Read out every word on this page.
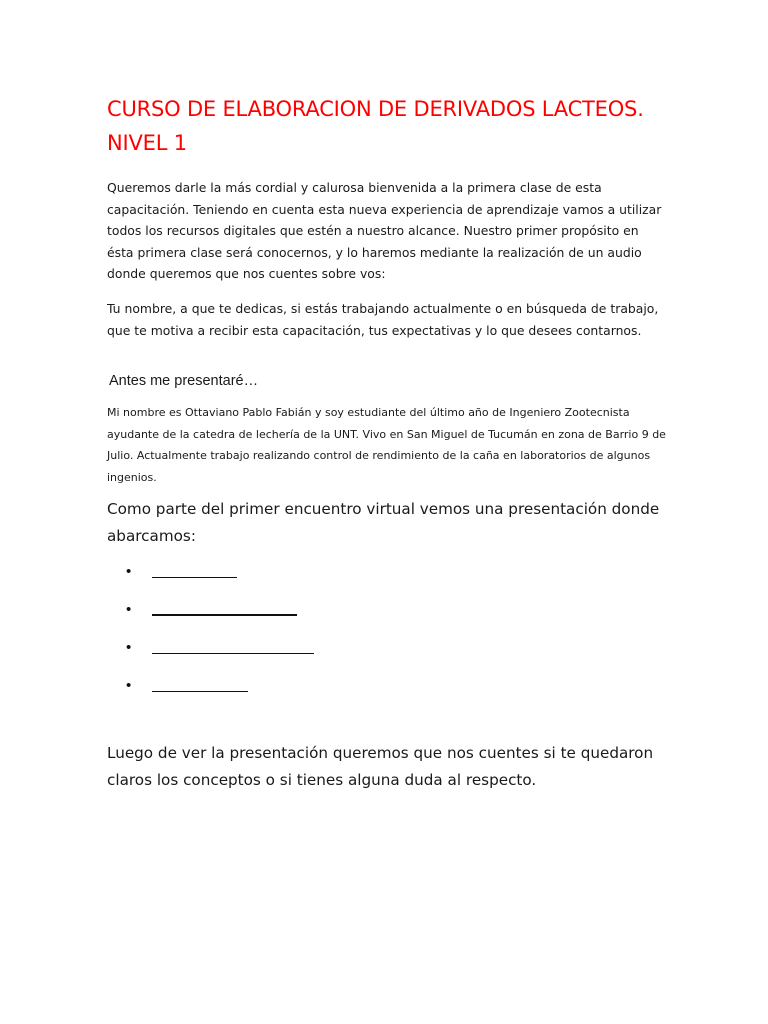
CURSO DE ELABORACION DE DERIVADOS LACTEOS.
NIVEL 1

Queremos darle la más cordial y calurosa bienvenida a la primera clase de esta capacitación. Teniendo en cuenta esta nueva experiencia de aprendizaje vamos a utilizar todos los recursos digitales que estén a nuestro alcance. Nuestro primer propósito en ésta primera clase será conocernos, y lo haremos mediante la realización de un audio donde queremos que nos cuentes sobre vos:

Tu nombre, a que te dedicas, si estás trabajando actualmente o en búsqueda de trabajo, que te motiva a recibir esta capacitación, tus expectativas y lo que desees contarnos.

Antes me presentaré…

Mi nombre es Ottaviano Pablo Fabián y soy estudiante del último año de Ingeniero Zootecnista ayudante de la catedra de lechería de la UNT. Vivo en San Miguel de Tucumán en zona de Barrio 9 de Julio. Actualmente trabajo realizando control de rendimiento de la caña en laboratorios de algunos ingenios.

Como parte del primer encuentro virtual vemos una presentación donde abarcamos:

•
•
•
•

Luego de ver la presentación queremos que nos cuentes si te quedaron claros los conceptos o si tienes alguna duda al respecto.
